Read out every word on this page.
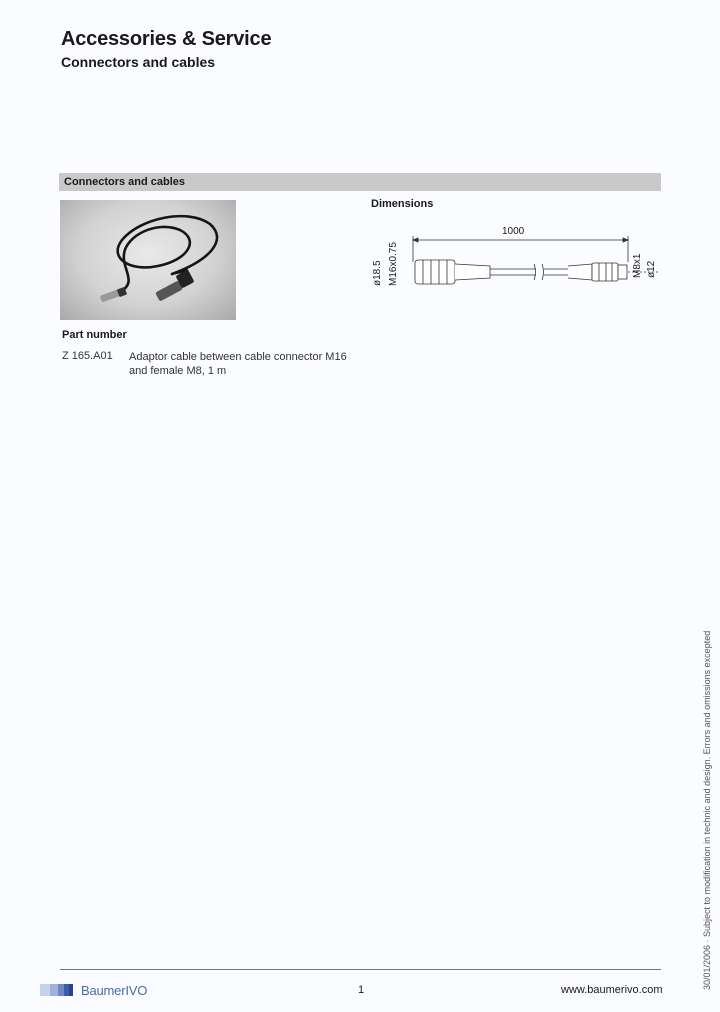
Accessories & Service
Connectors and cables
Connectors and cables
Dimensions
1000
ø18.5 M16x0.75	M8x1 ø12
Part number
Z 165.A01 Adaptor cable between cable connector M16 and female M8, 1 m
30/01/2006 · Subject to modification in technic and design. Errors and omissions excepted
BaumerIVO	1	www.baumerivo.com
